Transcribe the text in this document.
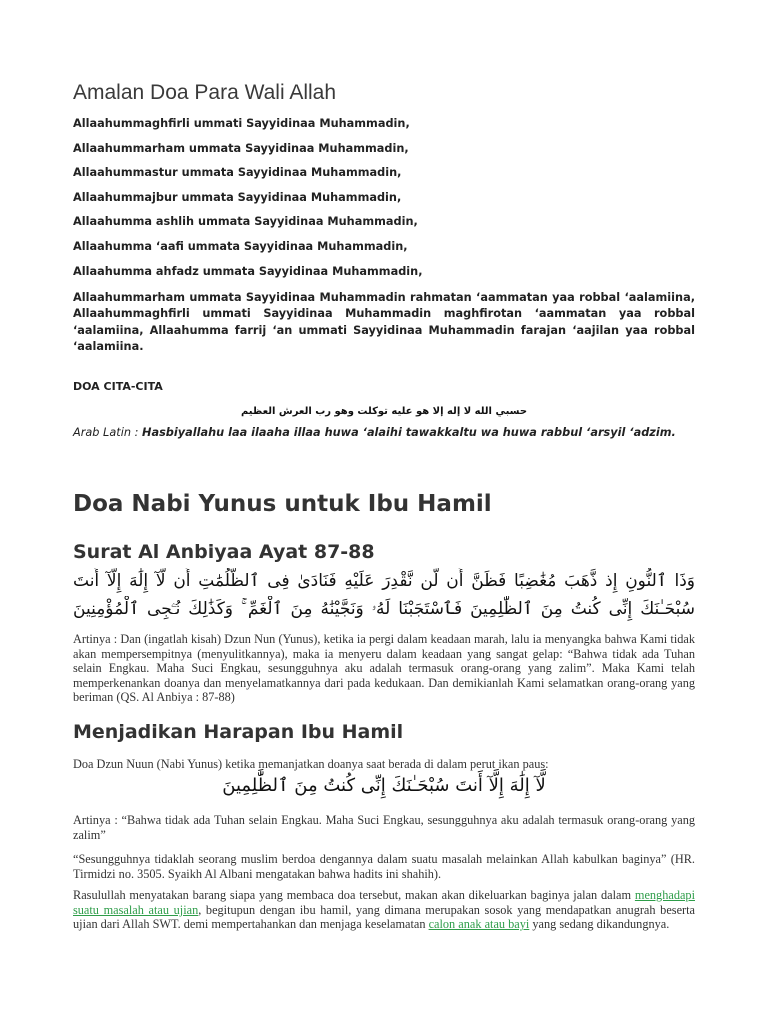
Amalan Doa Para Wali Allah
Allaahummaghfirli ummati Sayyidinaa Muhammadin,
Allaahummarham ummata Sayyidinaa Muhammadin,
Allaahummastur ummata Sayyidinaa Muhammadin,
Allaahummajbur ummata Sayyidinaa Muhammadin,
Allaahumma ashlih ummata Sayyidinaa Muhammadin,
Allaahumma ‘aafi ummata Sayyidinaa Muhammadin,
Allaahumma ahfadz ummata Sayyidinaa Muhammadin,
Allaahummarham ummata Sayyidinaa Muhammadin rahmatan ‘aammatan yaa robbal ‘aalamiina, Allaahummaghfirli ummati Sayyidinaa Muhammadin maghfirotan ‘aammatan yaa robbal ‘aalamiina, Allaahumma farrij ‘an ummati Sayyidinaa Muhammadin farajan ‘aajilan yaa robbal ‘aalamiina.
DOA CITA-CITA
حسبي الله لا إله إلا هو عليه توكلت وهو رب العرش العظيم
Arab Latin : Hasbiyallahu laa ilaaha illaa huwa ‘alaihi tawakkaltu wa huwa rabbul ‘arsyil ‘adzim.
Doa Nabi Yunus untuk Ibu Hamil
Surat Al Anbiyaa Ayat 87-88
وَذَا ٱلنُّونِ إِذ ذَّهَبَ مُغَٰضِبًا فَظَنَّ أَن لَّن نَّقْدِرَ عَلَيْهِ فَنَادَىٰ فِى ٱلظُّلُمَٰتِ أَن لَّآ إِلَٰهَ إِلَّآ أَنتَ
سُبْحَـٰنَكَ إِنِّى كُنتُ مِنَ ٱلظَّٰلِمِينَ فَٱسْتَجَبْنَا لَهُۥ وَنَجَّيْنَٰهُ مِنَ ٱلْغَمِّ ۚ وَكَذَٰلِكَ نُـۧجِى ٱلْمُؤْمِنِينَ
Artinya : Dan (ingatlah kisah) Dzun Nun (Yunus), ketika ia pergi dalam keadaan marah, lalu ia menyangka bahwa Kami tidak akan mempersempitnya (menyulitkannya), maka ia menyeru dalam keadaan yang sangat gelap: “Bahwa tidak ada Tuhan selain Engkau. Maha Suci Engkau, sesungguhnya aku adalah termasuk orang-orang yang zalim”. Maka Kami telah memperkenankan doanya dan menyelamatkannya dari pada kedukaan. Dan demikianlah Kami selamatkan orang-orang yang beriman (QS. Al Anbiya : 87-88)
Menjadikan Harapan Ibu Hamil
Doa Dzun Nuun (Nabi Yunus) ketika memanjatkan doanya saat berada di dalam perut ikan paus:
لَّآ إِلَٰهَ إِلَّآ أَنتَ سُبْحَـٰنَكَ إِنِّى كُنتُ مِنَ ٱلظَّٰلِمِينَ
Artinya : “Bahwa tidak ada Tuhan selain Engkau. Maha Suci Engkau, sesungguhnya aku adalah termasuk orang-orang yang zalim”
“Sesungguhnya tidaklah seorang muslim berdoa dengannya dalam suatu masalah melainkan Allah kabulkan baginya” (HR. Tirmidzi no. 3505. Syaikh Al Albani mengatakan bahwa hadits ini shahih).
Rasulullah menyatakan barang siapa yang membaca doa tersebut, makan akan dikeluarkan baginya jalan dalam menghadapi suatu masalah atau ujian, begitupun dengan ibu hamil, yang dimana merupakan sosok yang mendapatkan anugrah beserta ujian dari Allah SWT. demi mempertahankan dan menjaga keselamatan calon anak atau bayi yang sedang dikandungnya.
